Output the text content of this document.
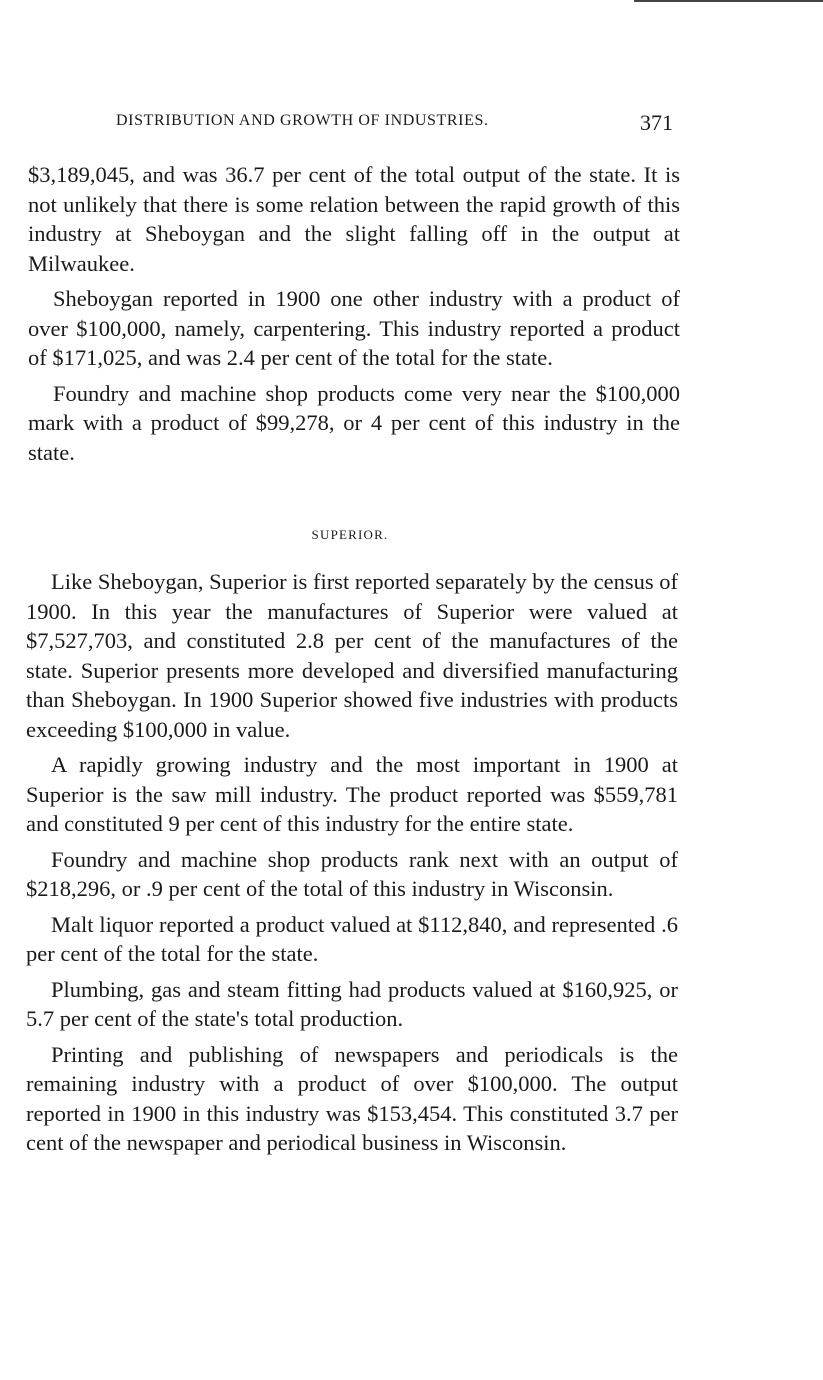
DISTRIBUTION AND GROWTH OF INDUSTRIES.	371

$3,189,045, and was 36.7 per cent of the total output of the state. It is not unlikely that there is some relation between the rapid growth of this industry at Sheboygan and the slight falling off in the output at Milwaukee.

Sheboygan reported in 1900 one other industry with a product of over $100,000, namely, carpentering. This industry reported a product of $171,025, and was 2.4 per cent of the total for the state.

Foundry and machine shop products come very near the $100,000 mark with a product of $99,278, or 4 per cent of this industry in the state.

SUPERIOR.

Like Sheboygan, Superior is first reported separately by the census of 1900. In this year the manufactures of Superior were valued at $7,527,703, and constituted 2.8 per cent of the manufactures of the state. Superior presents more developed and diversified manufacturing than Sheboygan. In 1900 Superior showed five industries with products exceeding $100,000 in value.

A rapidly growing industry and the most important in 1900 at Superior is the saw mill industry. The product reported was $559,781 and constituted 9 per cent of this industry for the entire state.

Foundry and machine shop products rank next with an output of $218,296, or .9 per cent of the total of this industry in Wisconsin.

Malt liquor reported a product valued at $112,840, and represented .6 per cent of the total for the state.

Plumbing, gas and steam fitting had products valued at $160,925, or 5.7 per cent of the state's total production.

Printing and publishing of newspapers and periodicals is the remaining industry with a product of over $100,000. The output reported in 1900 in this industry was $153,454. This constituted 3.7 per cent of the newspaper and periodical business in Wisconsin.
